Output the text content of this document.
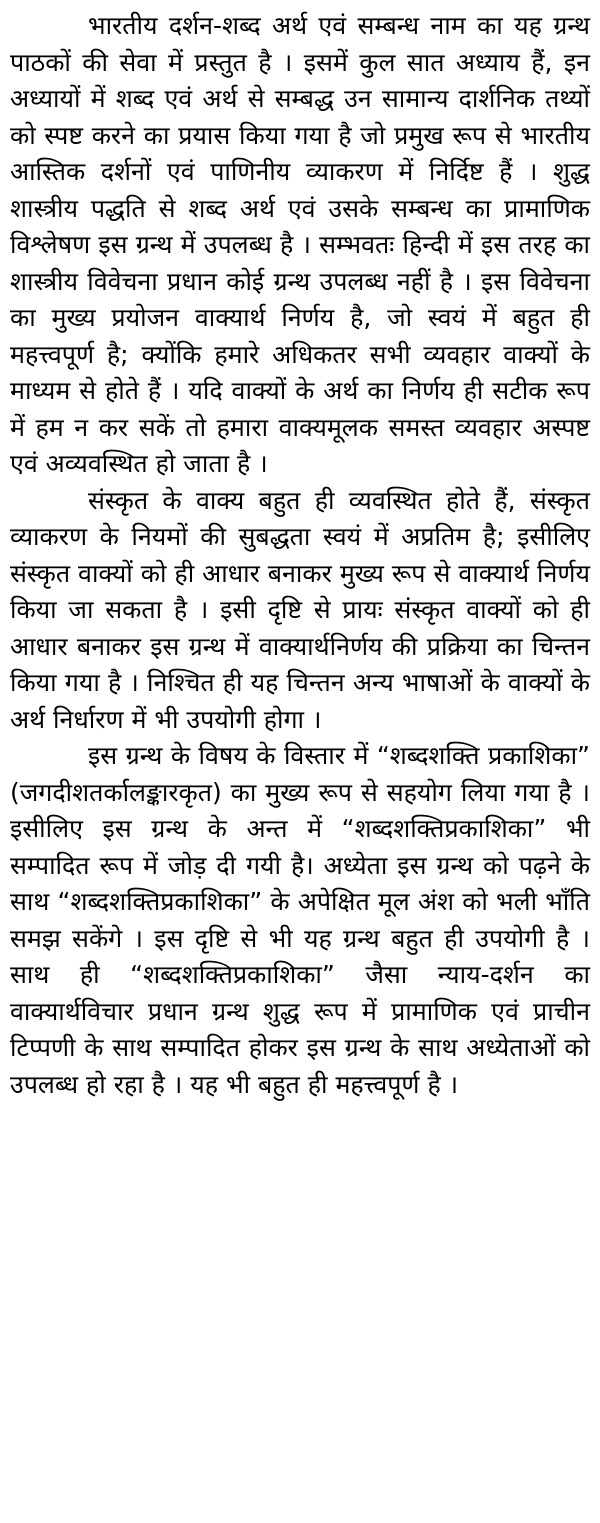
भारतीय दर्शन-शब्द अर्थ एवं सम्बन्ध नाम का यह ग्रन्थ पाठकों की सेवा में प्रस्तुत है । इसमें कुल सात अध्याय हैं, इन अध्यायों में शब्द एवं अर्थ से सम्बद्ध उन सामान्य दार्शनिक तथ्यों को स्पष्ट करने का प्रयास किया गया है जो प्रमुख रूप से भारतीय आस्तिक दर्शनों एवं पाणिनीय व्याकरण में निर्दिष्ट हैं । शुद्ध शास्त्रीय पद्धति से शब्द अर्थ एवं उसके सम्बन्ध का प्रामाणिक विश्लेषण इस ग्रन्थ में उपलब्ध है । सम्भवतः हिन्दी में इस तरह का शास्त्रीय विवेचना प्रधान कोई ग्रन्थ उपलब्ध नहीं है । इस विवेचना का मुख्य प्रयोजन वाक्यार्थ निर्णय है, जो स्वयं में बहुत ही महत्त्वपूर्ण है; क्योंकि हमारे अधिकतर सभी व्यवहार वाक्यों के माध्यम से होते हैं । यदि वाक्यों के अर्थ का निर्णय ही सटीक रूप में हम न कर सकें तो हमारा वाक्यमूलक समस्त व्यवहार अस्पष्ट एवं अव्यवस्थित हो जाता है ।

संस्कृत के वाक्य बहुत ही व्यवस्थित होते हैं, संस्कृत व्याकरण के नियमों की सुबद्धता स्वयं में अप्रतिम है; इसीलिए संस्कृत वाक्यों को ही आधार बनाकर मुख्य रूप से वाक्यार्थ निर्णय किया जा सकता है । इसी दृष्टि से प्रायः संस्कृत वाक्यों को ही आधार बनाकर इस ग्रन्थ में वाक्यार्थनिर्णय की प्रक्रिया का चिन्तन किया गया है । निश्चित ही यह चिन्तन अन्य भाषाओं के वाक्यों के अर्थ निर्धारण में भी उपयोगी होगा ।

इस ग्रन्थ के विषय के विस्तार में “शब्दशक्ति प्रकाशिका” (जगदीशतर्कालङ्कारकृत) का मुख्य रूप से सहयोग लिया गया है । इसीलिए इस ग्रन्थ के अन्त में “शब्दशक्तिप्रकाशिका” भी सम्पादित रूप में जोड़ दी गयी है। अध्येता इस ग्रन्थ को पढ़ने के साथ “शब्दशक्तिप्रकाशिका” के अपेक्षित मूल अंश को भली भाँति समझ सकेंगे । इस दृष्टि से भी यह ग्रन्थ बहुत ही उपयोगी है । साथ ही “शब्दशक्तिप्रकाशिका” जैसा न्याय-दर्शन का वाक्यार्थविचार प्रधान ग्रन्थ शुद्ध रूप में प्रामाणिक एवं प्राचीन टिप्पणी के साथ सम्पादित होकर इस ग्रन्थ के साथ अध्येताओं को उपलब्ध हो रहा है । यह भी बहुत ही महत्त्वपूर्ण है ।
